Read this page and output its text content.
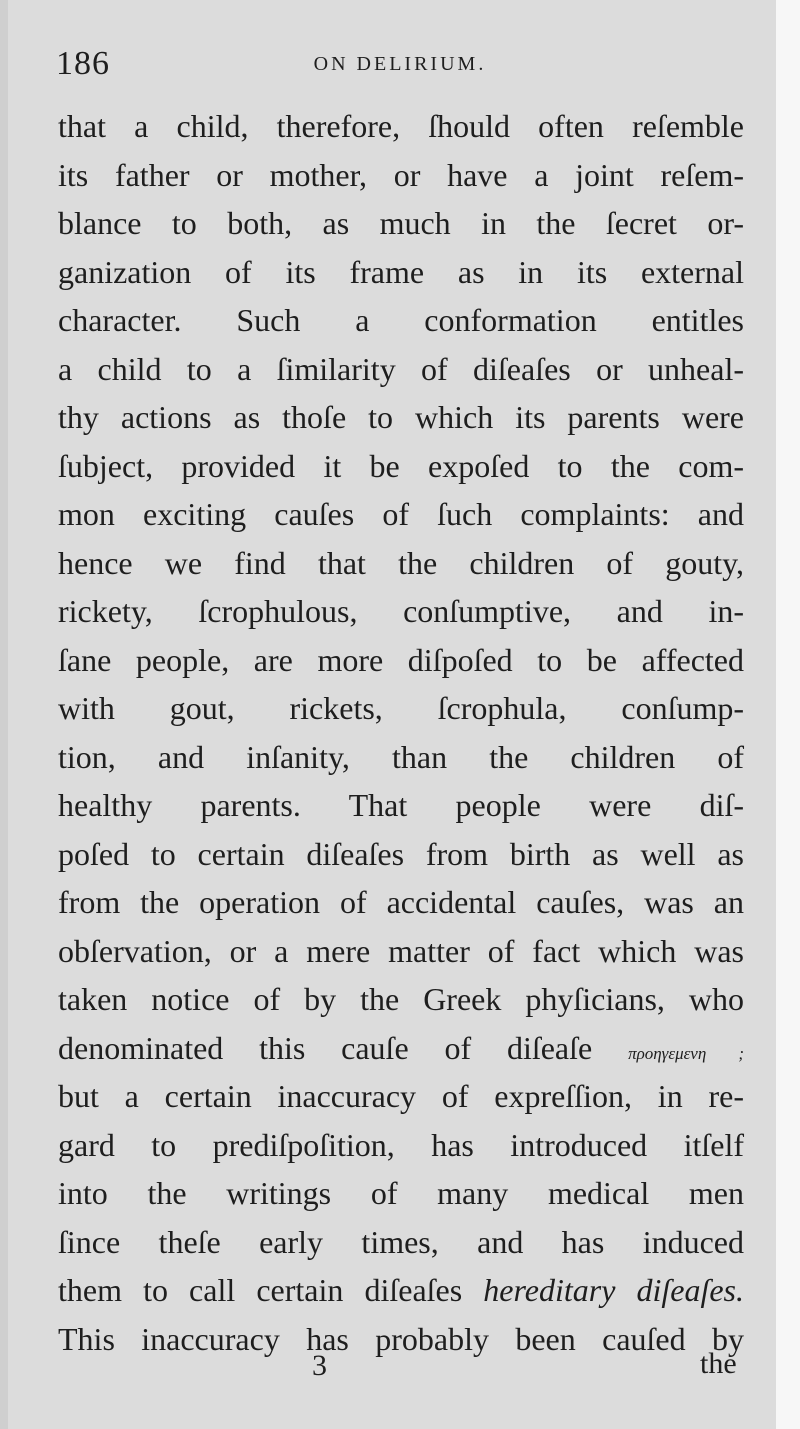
186	ON DELIRIUM.
that a child, therefore, ſhould often reſemble
its father or mother, or have a joint reſem-
blance to both, as much in the ſecret or-
ganization of its frame as in its external
character. Such a conformation entitles
a child to a ſimilarity of diſeaſes or unheal-
thy actions as thoſe to which its parents were
ſubject, provided it be expoſed to the com-
mon exciting cauſes of ſuch complaints: and
hence we find that the children of gouty,
rickety, ſcrophulous, conſumptive, and in-
ſane people, are more diſpoſed to be affected
with gout, rickets, ſcrophula, conſump-
tion, and inſanity, than the children of
healthy parents. That people were diſ-
poſed to certain diſeaſes from birth as well as
from the operation of accidental cauſes, was an
obſervation, or a mere matter of fact which was
taken notice of by the Greek phyſicians, who
denominated this cauſe of diſeaſe προηγεμενη ;
but a certain inaccuracy of expreſſion, in re-
gard to prediſpoſition, has introduced itſelf
into the writings of many medical men
ſince theſe early times, and has induced
them to call certain diſeaſes hereditary diſeaſes.
This inaccuracy has probably been cauſed by
3	the
